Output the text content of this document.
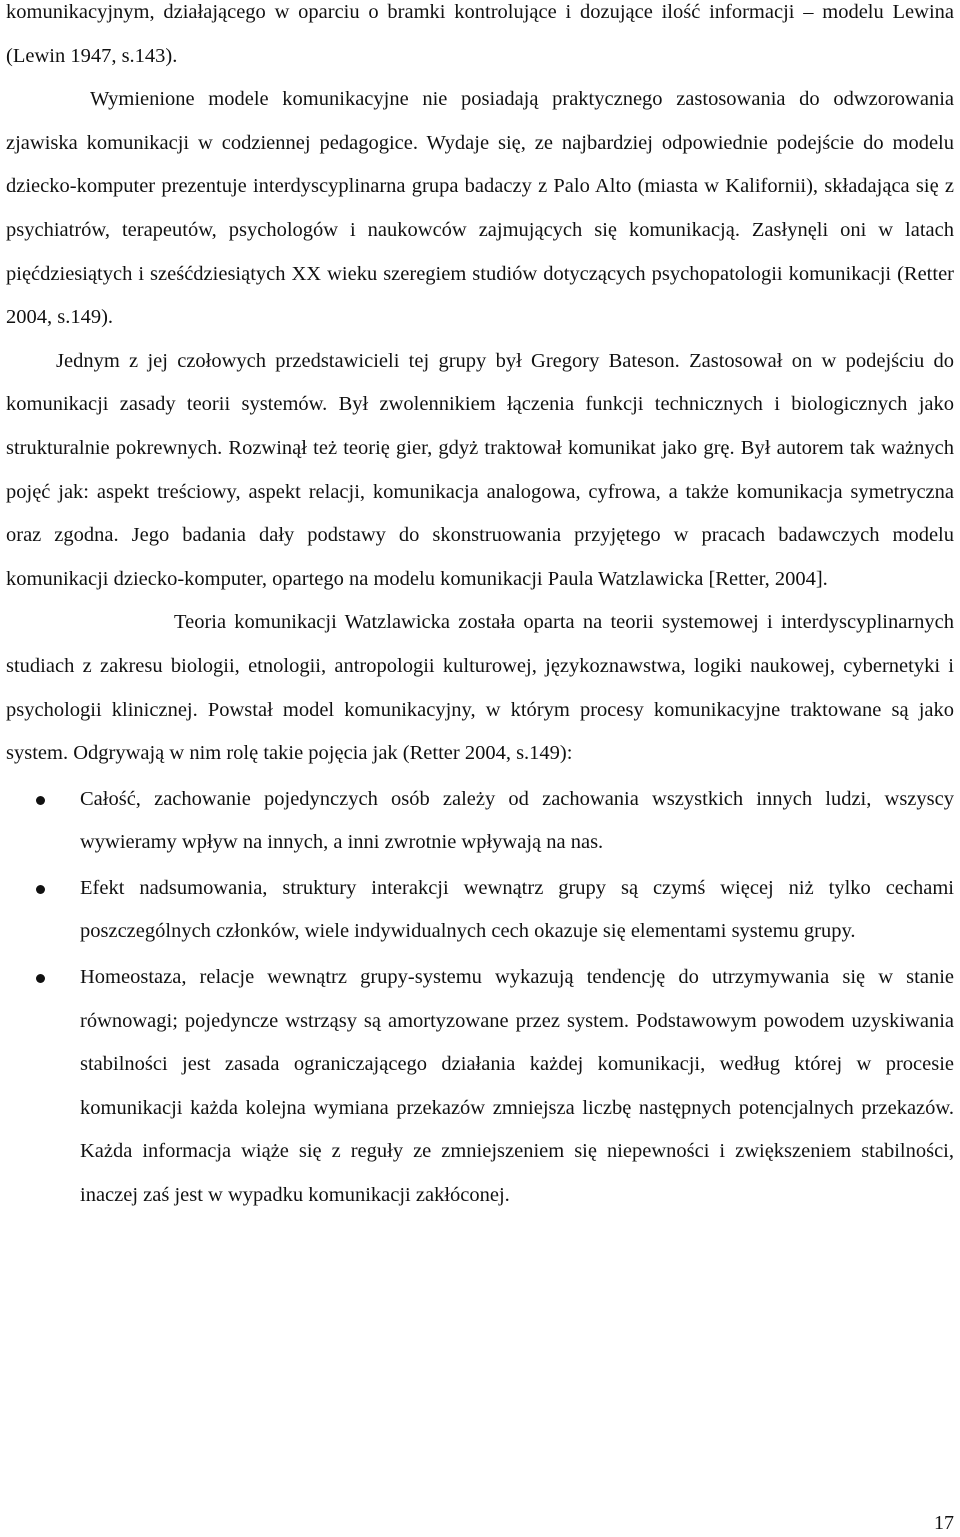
komunikacyjnym, działającego w oparciu o bramki kontrolujące i dozujące ilość informacji – modelu Lewina (Lewin 1947, s.143).

Wymienione modele komunikacyjne nie posiadają praktycznego zastosowania do odwzorowania zjawiska komunikacji w codziennej pedagogice. Wydaje się, ze najbardziej odpowiednie podejście do modelu dziecko-komputer prezentuje interdyscyplinarna grupa badaczy z Palo Alto (miasta w Kalifornii), składająca się z psychiatrów, terapeutów, psychologów i naukowców zajmujących się komunikacją. Zasłynęli oni w latach pięćdziesiątych i sześćdziesiątych XX wieku szeregiem studiów dotyczących psychopatologii komunikacji (Retter 2004, s.149).

Jednym z jej czołowych przedstawicieli tej grupy był Gregory Bateson. Zastosował on w podejściu do komunikacji zasady teorii systemów. Był zwolennikiem łączenia funkcji technicznych i biologicznych jako strukturalnie pokrewnych. Rozwinął też teorię gier, gdyż traktował komunikat jako grę. Był autorem tak ważnych pojęć jak: aspekt treściowy, aspekt relacji, komunikacja analogowa, cyfrowa, a także komunikacja symetryczna oraz zgodna. Jego badania dały podstawy do skonstruowania przyjętego w pracach badawczych modelu komunikacji dziecko-komputer, opartego na modelu komunikacji Paula Watzlawicka [Retter, 2004].

Teoria komunikacji Watzlawicka została oparta na teorii systemowej i interdyscyplinarnych studiach z zakresu biologii, etnologii, antropologii kulturowej, językoznawstwa, logiki naukowej, cybernetyki i psychologii klinicznej. Powstał model komunikacyjny, w którym procesy komunikacyjne traktowane są jako system. Odgrywają w nim rolę takie pojęcia jak (Retter 2004, s.149):

Całość, zachowanie pojedynczych osób zależy od zachowania wszystkich innych ludzi, wszyscy wywieramy wpływ na innych, a inni zwrotnie wpływają na nas.
Efekt nadsumowania, struktury interakcji wewnątrz grupy są czymś więcej niż tylko cechami poszczególnych członków, wiele indywidualnych cech okazuje się elementami systemu grupy.
Homeostaza, relacje wewnątrz grupy-systemu wykazują tendencję do utrzymywania się w stanie równowagi; pojedyncze wstrząsy są amortyzowane przez system. Podstawowym powodem uzyskiwania stabilności jest zasada ograniczającego działania każdej komunikacji, według której w procesie komunikacji każda kolejna wymiana przekazów zmniejsza liczbę następnych potencjalnych przekazów. Każda informacja wiąże się z reguły ze zmniejszeniem się niepewności i zwiększeniem stabilności, inaczej zaś jest w wypadku komunikacji zakłóconej.
17
